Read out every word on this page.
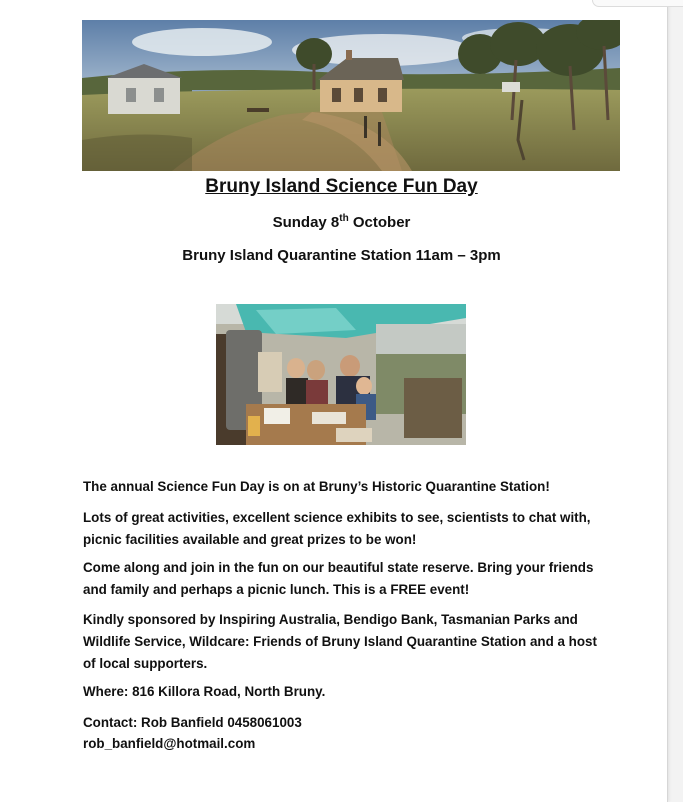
Bruny Island Science Fun Day
Sunday 8th October
Bruny Island Quarantine Station 11am – 3pm
The annual Science Fun Day is on at Bruny’s Historic Quarantine Station!
Lots of great activities, excellent science exhibits to see, scientists to chat with, picnic facilities available and great prizes to be won!
Come along and join in the fun on our beautiful state reserve. Bring your friends and family and perhaps a picnic lunch. This is a FREE event!
Kindly sponsored by Inspiring Australia, Bendigo Bank, Tasmanian Parks and Wildlife Service, Wildcare: Friends of Bruny Island Quarantine Station and a host of local supporters.
Where: 816 Killora Road, North Bruny.
Contact: Rob Banfield 0458061003
rob_banfield@hotmail.com
